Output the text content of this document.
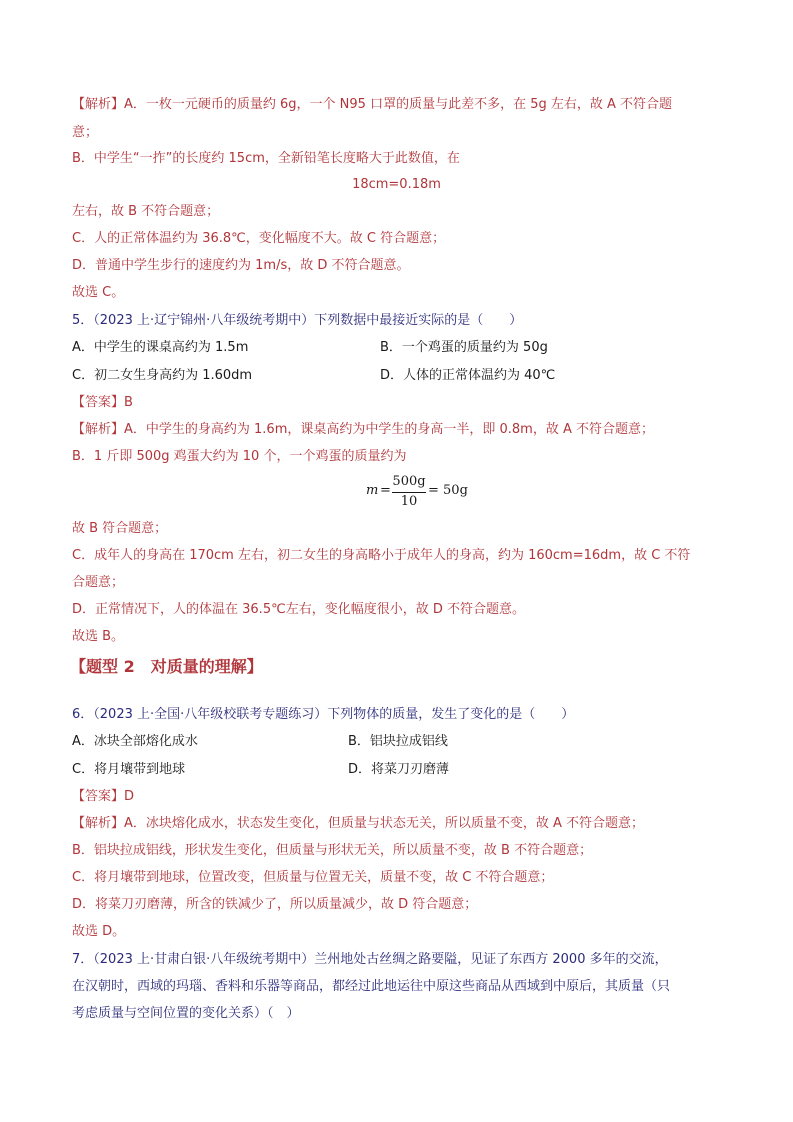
【解析】A．一枚一元硬币的质量约 6g，一个 N95 口罩的质量与此差不多，在 5g 左右，故 A 不符合题
意；
B．中学生“一拃”的长度约 15cm，全新铅笔长度略大于此数值，在
18cm=0.18m
左右，故 B 不符合题意；
C．人的正常体温约为 36.8℃，变化幅度不大。故 C 符合题意；
D．普通中学生步行的速度约为 1m/s，故 D 不符合题意。
故选 C。
5．（2023 上·辽宁锦州·八年级统考期中）下列数据中最接近实际的是（　　）
A．中学生的课桌高约为 1.5m	B．一个鸡蛋的质量约为 50g
C．初二女生身高约为 1.60dm	D．人体的正常体温约为 40℃
【答案】B
【解析】A．中学生的身高约为 1.6m，课桌高约为中学生的身高一半，即 0.8m，故 A 不符合题意；
B．1 斤即 500g 鸡蛋大约为 10 个，一个鸡蛋的质量约为
m =
500g
10
= 50g
故 B 符合题意；
C．成年人的身高在 170cm 左右，初二女生的身高略小于成年人的身高，约为 160cm=16dm，故 C 不符
合题意；
D．正常情况下，人的体温在 36.5℃左右，变化幅度很小，故 D 不符合题意。
故选 B。
【题型 2　对质量的理解】
6．（2023 上·全国·八年级校联考专题练习）下列物体的质量，发生了变化的是（　　）
A．冰块全部熔化成水	B．铝块拉成铝线
C．将月壤带到地球	D．将菜刀刃磨薄
【答案】D
【解析】A．冰块熔化成水，状态发生变化，但质量与状态无关，所以质量不变，故 A 不符合题意；
B．铝块拉成铝线，形状发生变化，但质量与形状无关，所以质量不变，故 B 不符合题意；
C．将月壤带到地球，位置改变，但质量与位置无关，质量不变，故 C 不符合题意；
D．将菜刀刃磨薄，所含的铁减少了，所以质量减少，故 D 符合题意；
故选 D。
7．（2023 上·甘肃白银·八年级统考期中）兰州地处古丝绸之路要隘，见证了东西方 2000 多年的交流，
在汉朝时，西域的玛瑙、香料和乐器等商品，都经过此地运往中原这些商品从西域到中原后，其质量（只
考虑质量与空间位置的变化关系）（　）
